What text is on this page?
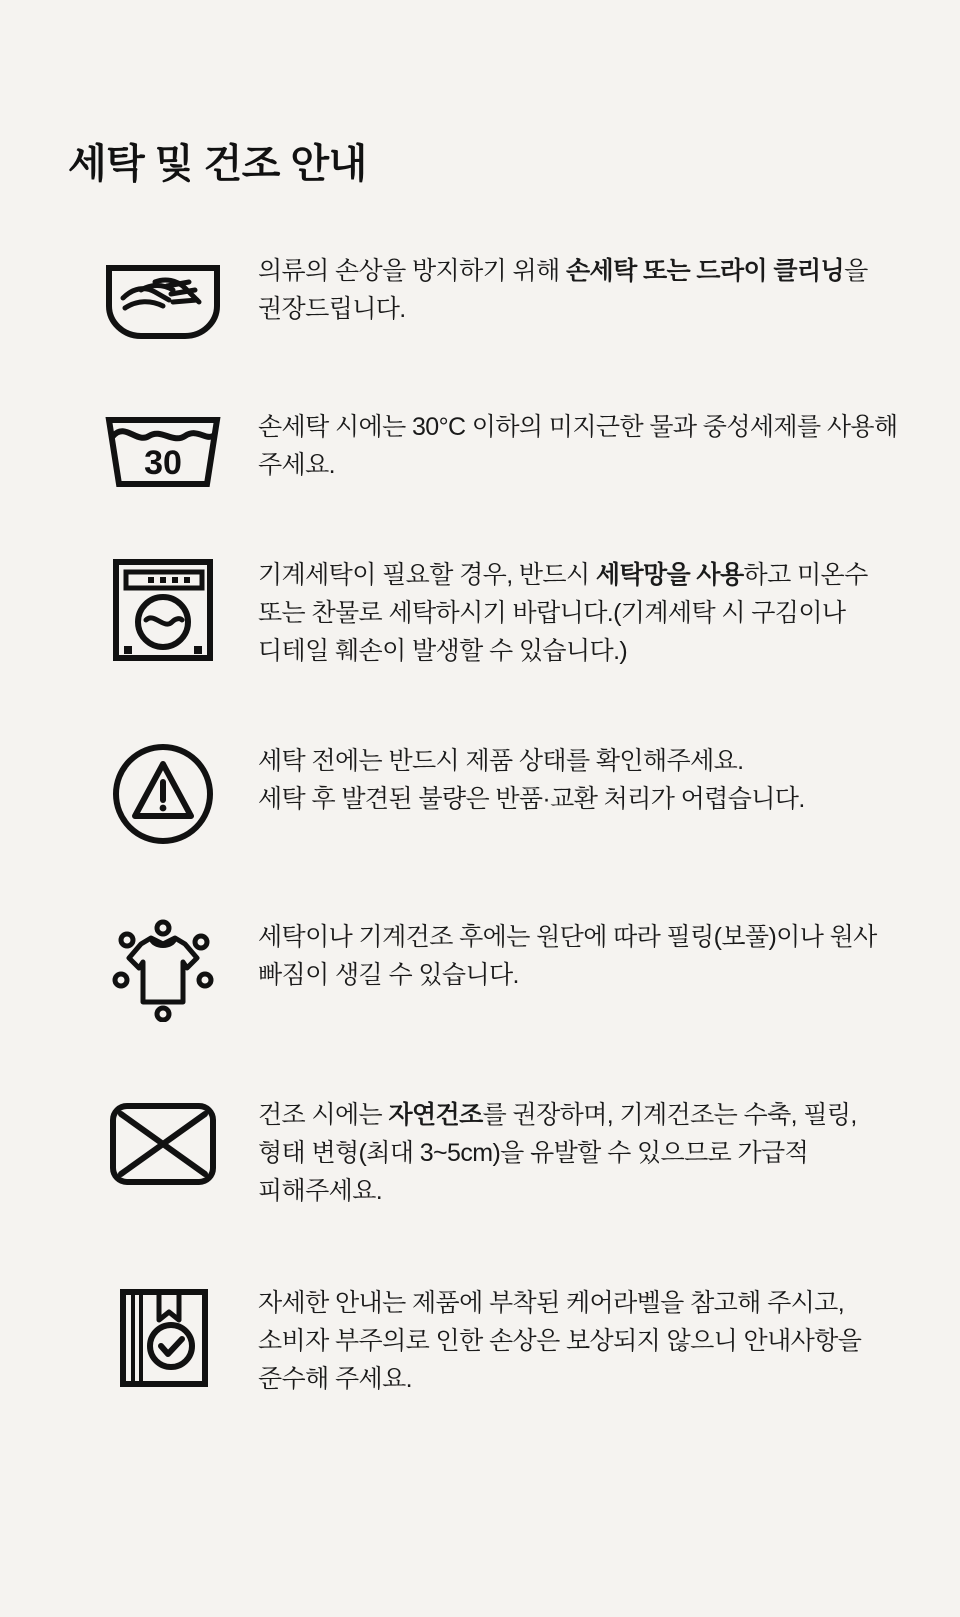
세탁 및 건조 안내
의류의 손상을 방지하기 위해 손세탁 또는 드라이 클리닝을 권장드립니다.
30
손세탁 시에는 30°C 이하의 미지근한 물과 중성세제를 사용해 주세요.
기계세탁이 필요할 경우, 반드시 세탁망을 사용하고 미온수 또는 찬물로 세탁하시기 바랍니다.(기계세탁 시 구김이나 디테일 훼손이 발생할 수 있습니다.)
세탁 전에는 반드시 제품 상태를 확인해주세요.
세탁 후 발견된 불량은 반품·교환 처리가 어렵습니다.
세탁이나 기계건조 후에는 원단에 따라 필링(보풀)이나 원사 빠짐이 생길 수 있습니다.
건조 시에는 자연건조를 권장하며, 기계건조는 수축, 필링, 형태 변형(최대 3~5cm)을 유발할 수 있으므로 가급적 피해주세요.
자세한 안내는 제품에 부착된 케어라벨을 참고해 주시고, 소비자 부주의로 인한 손상은 보상되지 않으니 안내사항을 준수해 주세요.
